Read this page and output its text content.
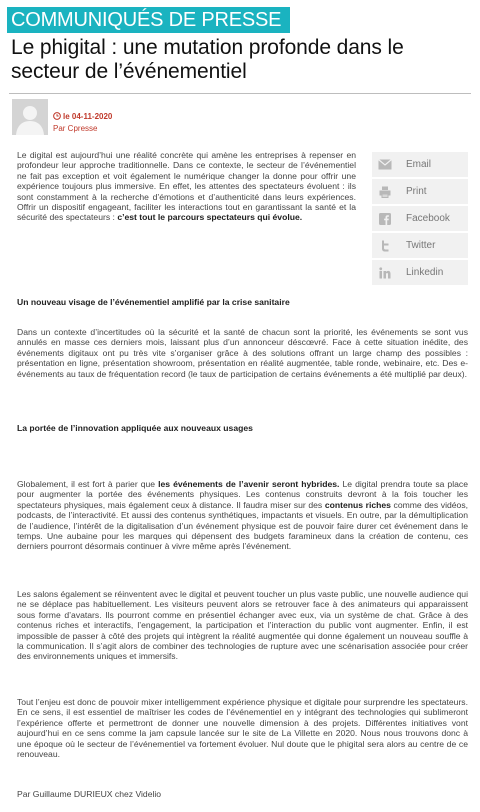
COMMUNIQUÉS DE PRESSE
Le phigital : une mutation profonde dans le secteur de l’événementiel
le 04-11-2020
Par Cpresse

Le digital est aujourd’hui une réalité concrète qui amène les entreprises à repenser en profondeur leur approche traditionnelle. Dans ce contexte, le secteur de l’événementiel ne fait pas exception et voit également le numérique changer la donne pour offrir une expérience toujours plus immersive. En effet, les attentes des spectateurs évoluent : ils sont constamment à la recherche d’émotions et d’authenticité dans leurs expériences. Offrir un dispositif engageant, faciliter les interactions tout en garantissant la santé et la sécurité des spectateurs : c’est tout le parcours spectateurs qui évolue.

Email
Print
Facebook
Twitter
Linkedin
Un nouveau visage de l’événementiel amplifié par la crise sanitaire

Dans un contexte d’incertitudes où la sécurité et la santé de chacun sont la priorité, les événements se sont vus annulés en masse ces derniers mois, laissant plus d’un annonceur déscœvré. Face à cette situation inédite, des événements digitaux ont pu très vite s’organiser grâce à des solutions offrant un large champ des possibles : présentation en ligne, présentation showroom, présentation en réalité augmentée, table ronde, webinaire, etc. Des e-événements au taux de fréquentation record (le taux de participation de certains événements a été multiplié par deux).

La portée de l’innovation appliquée aux nouveaux usages

Globalement, il est fort à parier que les événements de l’avenir seront hybrides. Le digital prendra toute sa place pour augmenter la portée des événements physiques. Les contenus construits devront à la fois toucher les spectateurs physiques, mais également ceux à distance. Il faudra miser sur des contenus riches comme des vidéos, podcasts, de l’interactivité. Et aussi des contenus synthétiques, impactants et visuels. En outre, par la démultiplication de l’audience, l’intérêt de la digitalisation d’un événement physique est de pouvoir faire durer cet événement dans le temps. Une aubaine pour les marques qui dépensent des budgets faramineux dans la création de contenu, ces derniers pourront désormais continuer à vivre même après l’événement.

Les salons également se réinventent avec le digital et peuvent toucher un plus vaste public, une nouvelle audience qui ne se déplace pas habituellement. Les visiteurs peuvent alors se retrouver face à des animateurs qui apparaissent sous forme d’avatars. Ils pourront comme en présentiel échanger avec eux, via un système de chat. Grâce à des contenus riches et interactifs, l’engagement, la participation et l’interaction du public vont augmenter. Enfin, il est impossible de passer à côté des projets qui intègrent la réalité augmentée qui donne également un nouveau souffle à la communication. Il s’agit alors de combiner des technologies de rupture avec une scénarisation associée pour créer des environnements uniques et immersifs.

Tout l’enjeu est donc de pouvoir mixer intelligemment expérience physique et digitale pour surprendre les spectateurs. En ce sens, il est essentiel de maîtriser les codes de l’événementiel en y intégrant des technologies qui sublimeront l’expérience offerte et permettront de donner une nouvelle dimension à des projets. Différentes initiatives vont aujourd’hui en ce sens comme la jam capsule lancée sur le site de La Villette en 2020. Nous nous trouvons donc à une époque où le secteur de l’événementiel va fortement évoluer. Nul doute que le phigital sera alors au centre de ce renouveau.

Par Guillaume DURIEUX chez Videlio
